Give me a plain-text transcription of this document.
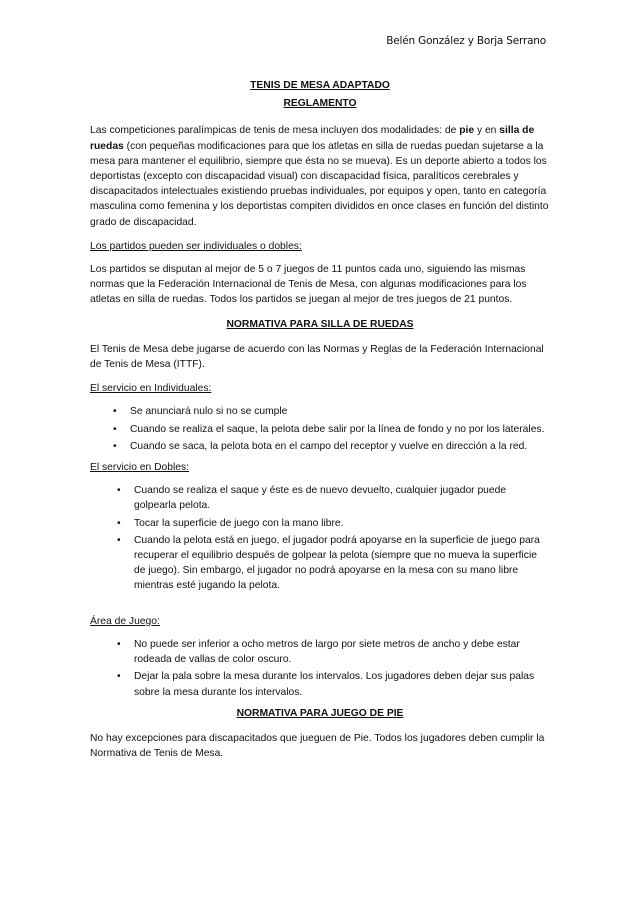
Belén González y Borja Serrano
TENIS DE MESA ADAPTADO
REGLAMENTO

Las competiciones paralímpicas de tenis de mesa incluyen dos modalidades: de pie y en silla de ruedas (con pequeñas modificaciones para que los atletas en silla de ruedas puedan sujetarse a la mesa para mantener el equilibrio, siempre que ésta no se mueva). Es un deporte abierto a todos los deportistas (excepto con discapacidad visual) con discapacidad física, paralíticos cerebrales y discapacitados intelectuales existiendo pruebas individuales, por equipos y open, tanto en categoría masculina como femenina y los deportistas compiten divididos en once clases en función del distinto grado de discapacidad.

Los partidos pueden ser individuales o dobles:

Los partidos se disputan al mejor de 5 o 7 juegos de 11 puntos cada uno, siguiendo las mismas normas que la Federación Internacional de Tenis de Mesa, con algunas modificaciones para los atletas en silla de ruedas. Todos los partidos se juegan al mejor de tres juegos de 21 puntos.

NORMATIVA PARA SILLA DE RUEDAS

El Tenis de Mesa debe jugarse de acuerdo con las Normas y Reglas de la Federación Internacional de Tenis de Mesa (ITTF).

El servicio en Individuales:
• Se anunciará nulo si no se cumple
• Cuando se realiza el saque, la pelota debe salir por la línea de fondo y no por los laterales.
• Cuando se saca, la pelota bota en el campo del receptor y vuelve en dirección a la red.
El servicio en Dobles:
• Cuando se realiza el saque y éste es de nuevo devuelto, cualquier jugador puede golpearla pelota.
• Tocar la superficie de juego con la mano libre.
• Cuando la pelota está en juego, el jugador podrá apoyarse en la superficie de juego para recuperar el equilibrio después de golpear la pelota (siempre que no mueva la superficie de juego). Sin embargo, el jugador no podrá apoyarse en la mesa con su mano libre mientras esté jugando la pelota.
Área de Juego:
• No puede ser inferior a ocho metros de largo por siete metros de ancho y debe estar rodeada de vallas de color oscuro.
• Dejar la pala sobre la mesa durante los intervalos. Los jugadores deben dejar sus palas sobre la mesa durante los intervalos.
NORMATIVA PARA JUEGO DE PIE

No hay excepciones para discapacitados que jueguen de Pie. Todos los jugadores deben cumplir la Normativa de Tenis de Mesa.
